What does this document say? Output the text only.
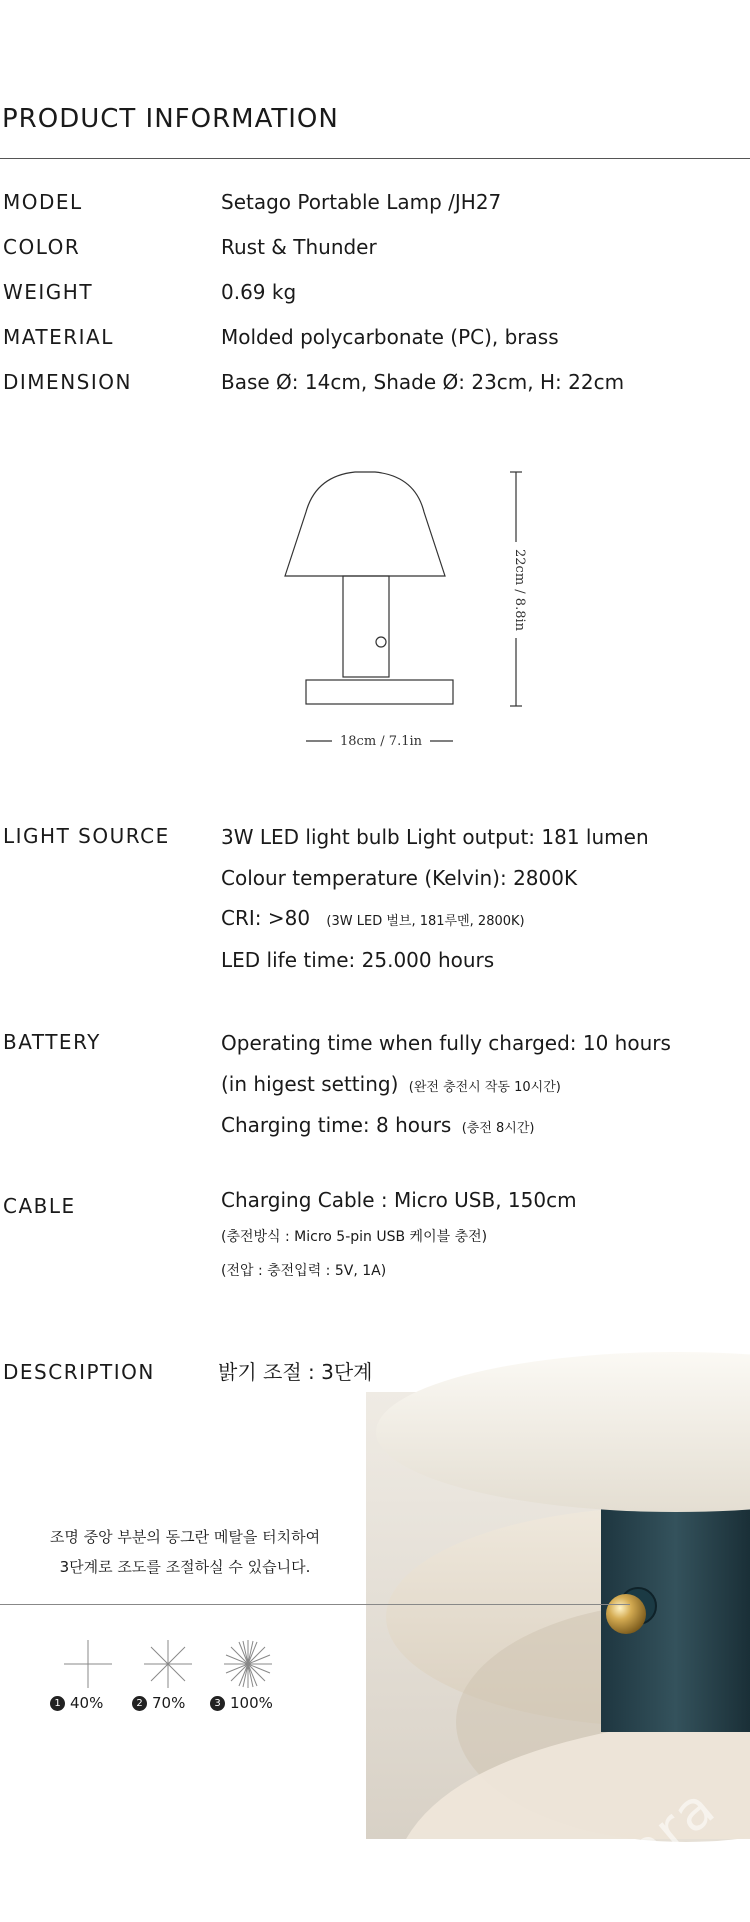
PRODUCT INFORMATION
MODEL	Setago Portable Lamp /JH27
COLOR	Rust & Thunder
WEIGHT	0.69 kg
MATERIAL	Molded polycarbonate (PC), brass
DIMENSION	Base Ø: 14cm, Shade Ø: 23cm, H: 22cm
22cm / 8.8in
18cm / 7.1in
LIGHT SOURCE	3W LED light bulb Light output: 181 lumen
Colour temperature (Kelvin): 2800K
CRI: >80 (3W LED 벌브, 181루멘, 2800K)
LED life time: 25.000 hours
BATTERY	Operating time when fully charged: 10 hours
(in higest setting) (완전 충전시 작동 10시간)
Charging time: 8 hours (충전 8시간)
CABLE	Charging Cable : Micro USB, 150cm
(충전방식 : Micro 5-pin USB 케이블 충전)
(전압 : 충전입력 : 5V, 1A)
DESCRIPTION	밝기 조절 : 3단계
조명 중앙 부분의 동그란 메탈을 터치하여
3단계로 조도를 조절하실 수 있습니다.
nara
1 40%	2 70%	3 100%
